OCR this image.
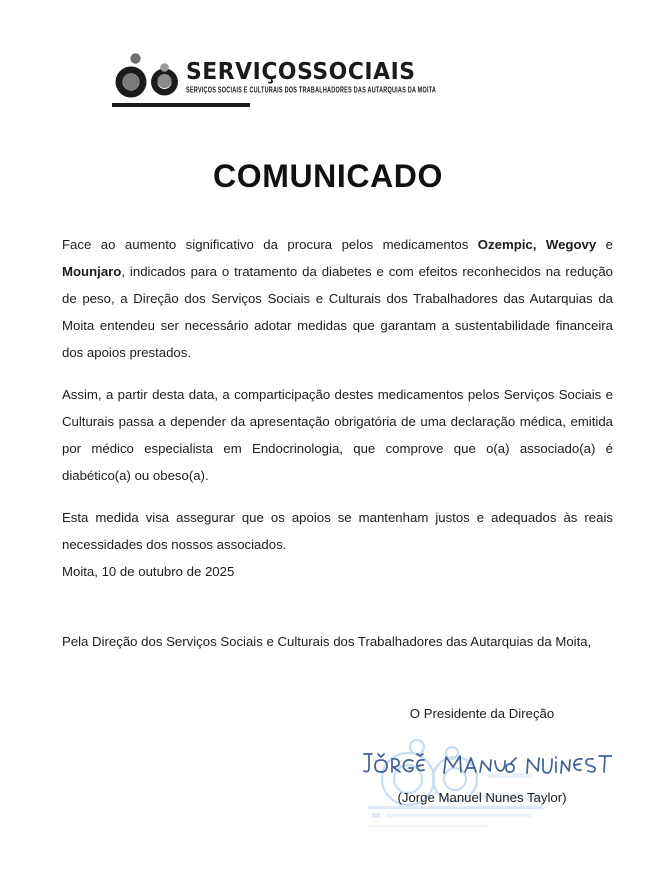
SERVIÇOSSOCIAIS
SERVIÇOS SOCIAIS E CULTURAIS DOS TRABALHADORES DAS AUTARQUIAS DA MOITA
COMUNICADO

Face ao aumento significativo da procura pelos medicamentos Ozempic, Wegovy e Mounjaro, indicados para o tratamento da diabetes e com efeitos reconhecidos na redução de peso, a Direção dos Serviços Sociais e Culturais dos Trabalhadores das Autarquias da Moita entendeu ser necessário adotar medidas que garantam a sustentabilidade financeira dos apoios prestados.

Assim, a partir desta data, a comparticipação destes medicamentos pelos Serviços Sociais e Culturais passa a depender da apresentação obrigatória de uma declaração médica, emitida por médico especialista em Endocrinologia, que comprove que o(a) associado(a) é diabético(a) ou obeso(a).

Esta medida visa assegurar que os apoios se mantenham justos e adequados às reais necessidades dos nossos associados.

Moita, 10 de outubro de 2025
Pela Direção dos Serviços Sociais e Culturais dos Trabalhadores das Autarquias da Moita,
O Presidente da Direção
(Jorge Manuel Nunes Taylor)
